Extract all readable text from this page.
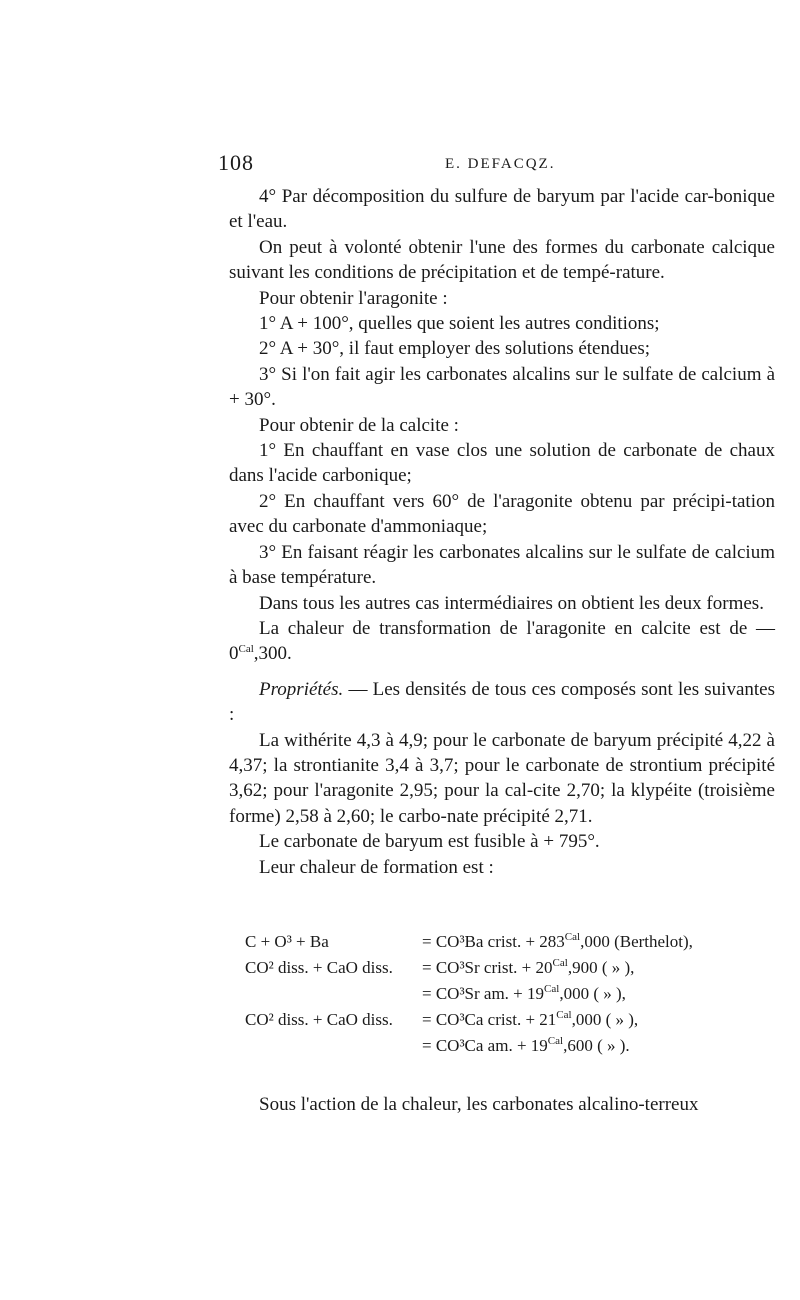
108	E. DEFACQZ.

4° Par décomposition du sulfure de baryum par l'acide car-bonique et l'eau.

On peut à volonté obtenir l'une des formes du carbonate calcique suivant les conditions de précipitation et de tempé-rature.

Pour obtenir l'aragonite :

1° A + 100°, quelles que soient les autres conditions;

2° A + 30°, il faut employer des solutions étendues;

3° Si l'on fait agir les carbonates alcalins sur le sulfate de calcium à + 30°.

Pour obtenir de la calcite :

1° En chauffant en vase clos une solution de carbonate de chaux dans l'acide carbonique;

2° En chauffant vers 60° de l'aragonite obtenu par précipi-tation avec du carbonate d'ammoniaque;

3° En faisant réagir les carbonates alcalins sur le sulfate de calcium à base température.

Dans tous les autres cas intermédiaires on obtient les deux formes.

La chaleur de transformation de l'aragonite en calcite est de — $0^{Cal},300$.

Propriétés. — Les densités de tous ces composés sont les suivantes :

La withérite 4,3 à 4,9; pour le carbonate de baryum précipité 4,22 à 4,37; la strontianite 3,4 à 3,7; pour le carbonate de strontium précipité 3,62; pour l'aragonite 2,95; pour la cal-cite 2,70; la klypéite (troisième forme) 2,58 à 2,60; le carbo-nate précipité 2,71.

Le carbonate de baryum est fusible à + 795°.

Leur chaleur de formation est :

C + O³ + Ba	= CO³Ba crist. + $283^{Cal},000$ (Berthelot),
CO² diss. + CaO diss. = CO³Sr crist. + $20^{Cal},900$ ( » ),
= CO³Sr am. + $19^{Cal},000$ ( » ),
CO² diss. + CaO diss. = CO³Ca crist. + $21^{Cal},000$ ( » ),
= CO³Ca am. + $19^{Cal},600$ ( » ).

Sous l'action de la chaleur, les carbonates alcalino-terreux
